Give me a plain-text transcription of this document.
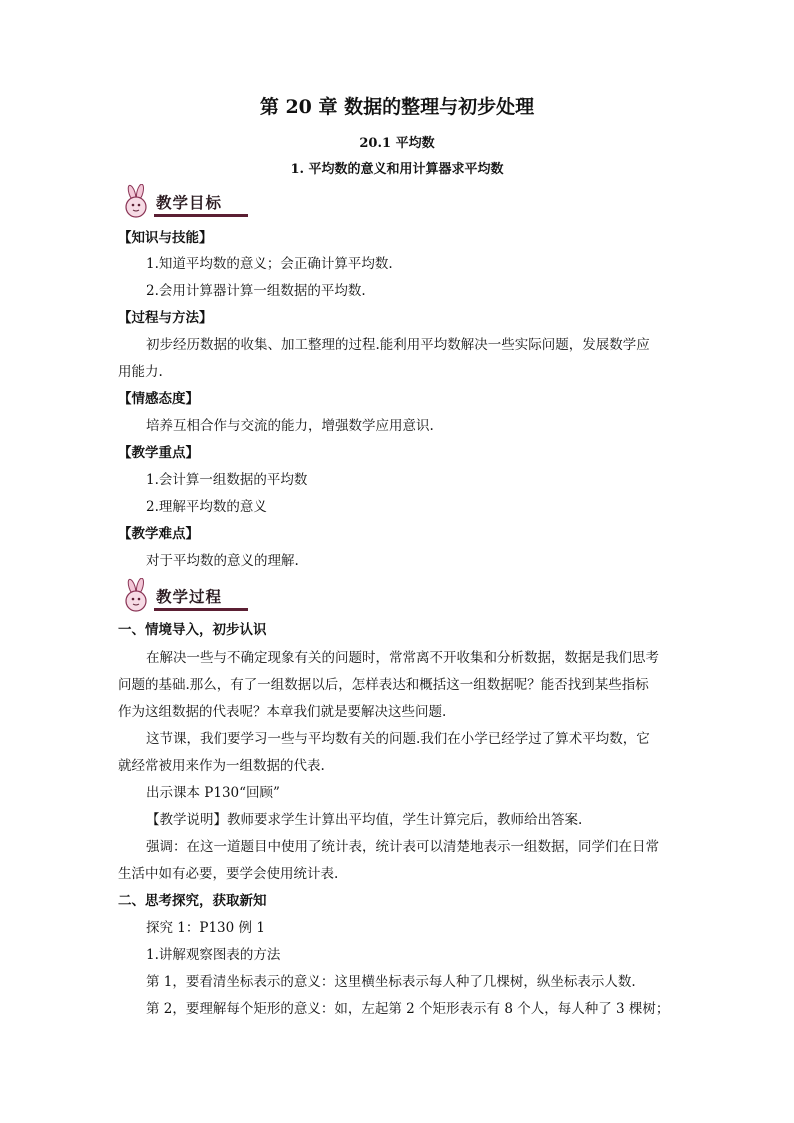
第 20 章 数据的整理与初步处理
20.1 平均数
1. 平均数的意义和用计算器求平均数
教学目标
【知识与技能】
1.知道平均数的意义；会正确计算平均数.
2.会用计算器计算一组数据的平均数.
【过程与方法】
初步经历数据的收集、加工整理的过程.能利用平均数解决一些实际问题，发展数学应
用能力.
【情感态度】
培养互相合作与交流的能力，增强数学应用意识.
【教学重点】
1.会计算一组数据的平均数
2.理解平均数的意义
【教学难点】
对于平均数的意义的理解.
教学过程
一、情境导入，初步认识
在解决一些与不确定现象有关的问题时，常常离不开收集和分析数据，数据是我们思考
问题的基础.那么，有了一组数据以后，怎样表达和概括这一组数据呢？能否找到某些指标
作为这组数据的代表呢？本章我们就是要解决这些问题.
这节课，我们要学习一些与平均数有关的问题.我们在小学已经学过了算术平均数，它
就经常被用来作为一组数据的代表.
出示课本 P130“回顾”
【教学说明】教师要求学生计算出平均值，学生计算完后，教师给出答案.
强调：在这一道题目中使用了统计表，统计表可以清楚地表示一组数据，同学们在日常
生活中如有必要，要学会使用统计表.
二、思考探究，获取新知
探究 1：P130 例 1
1.讲解观察图表的方法
第 1，要看清坐标表示的意义：这里横坐标表示每人种了几棵树，纵坐标表示人数.
第 2，要理解每个矩形的意义：如，左起第 2 个矩形表示有 8 个人，每人种了 3 棵树；
